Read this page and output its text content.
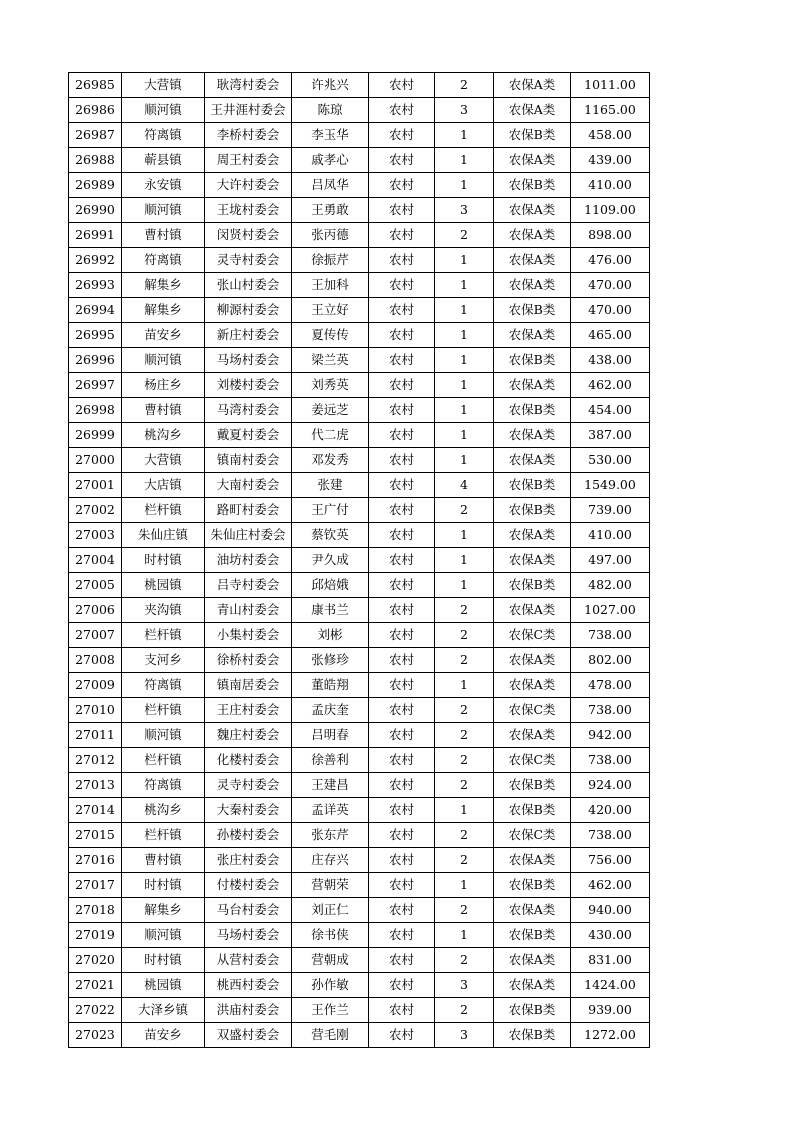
26985	大营镇	耿湾村委会	许兆兴	农村	2	农保A类	1011.00
26986	顺河镇	王井涯村委会	陈琼	农村	3	农保A类	1165.00
26987	符离镇	李桥村委会	李玉华	农村	1	农保B类	458.00
26988	蕲县镇	周王村委会	戚孝心	农村	1	农保A类	439.00
26989	永安镇	大许村委会	吕凤华	农村	1	农保B类	410.00
26990	顺河镇	王垅村委会	王勇敢	农村	3	农保A类	1109.00
26991	曹村镇	闵贤村委会	张丙德	农村	2	农保A类	898.00
26992	符离镇	灵寺村委会	徐振芹	农村	1	农保A类	476.00
26993	解集乡	张山村委会	王加科	农村	1	农保A类	470.00
26994	解集乡	柳源村委会	王立好	农村	1	农保B类	470.00
26995	苗安乡	新庄村委会	夏传传	农村	1	农保A类	465.00
26996	顺河镇	马场村委会	梁兰英	农村	1	农保B类	438.00
26997	杨庄乡	刘楼村委会	刘秀英	农村	1	农保A类	462.00
26998	曹村镇	马湾村委会	姜远芝	农村	1	农保B类	454.00
26999	桃沟乡	戴夏村委会	代二虎	农村	1	农保A类	387.00
27000	大营镇	镇南村委会	邓发秀	农村	1	农保A类	530.00
27001	大店镇	大南村委会	张建	农村	4	农保B类	1549.00
27002	栏杆镇	路町村委会	王广付	农村	2	农保B类	739.00
27003	朱仙庄镇	朱仙庄村委会	蔡钦英	农村	1	农保A类	410.00
27004	时村镇	油坊村委会	尹久成	农村	1	农保A类	497.00
27005	桃园镇	吕寺村委会	邱焙娥	农村	1	农保B类	482.00
27006	夹沟镇	青山村委会	康书兰	农村	2	农保A类	1027.00
27007	栏杆镇	小集村委会	刘彬	农村	2	农保C类	738.00
27008	支河乡	徐桥村委会	张修珍	农村	2	农保A类	802.00
27009	符离镇	镇南居委会	董皓翔	农村	1	农保A类	478.00
27010	栏杆镇	王庄村委会	孟庆奎	农村	2	农保C类	738.00
27011	顺河镇	魏庄村委会	吕明春	农村	2	农保A类	942.00
27012	栏杆镇	化楼村委会	徐善利	农村	2	农保C类	738.00
27013	符离镇	灵寺村委会	王建昌	农村	2	农保B类	924.00
27014	桃沟乡	大秦村委会	孟详英	农村	1	农保B类	420.00
27015	栏杆镇	孙楼村委会	张东芹	农村	2	农保C类	738.00
27016	曹村镇	张庄村委会	庄存兴	农村	2	农保A类	756.00
27017	时村镇	付楼村委会	营朝荣	农村	1	农保B类	462.00
27018	解集乡	马台村委会	刘正仁	农村	2	农保A类	940.00
27019	顺河镇	马场村委会	徐书侠	农村	1	农保B类	430.00
27020	时村镇	从营村委会	营朝成	农村	2	农保A类	831.00
27021	桃园镇	桃西村委会	孙作敏	农村	3	农保A类	1424.00
27022	大泽乡镇	洪庙村委会	王作兰	农村	2	农保B类	939.00
27023	苗安乡	双盛村委会	营毛刚	农村	3	农保B类	1272.00
